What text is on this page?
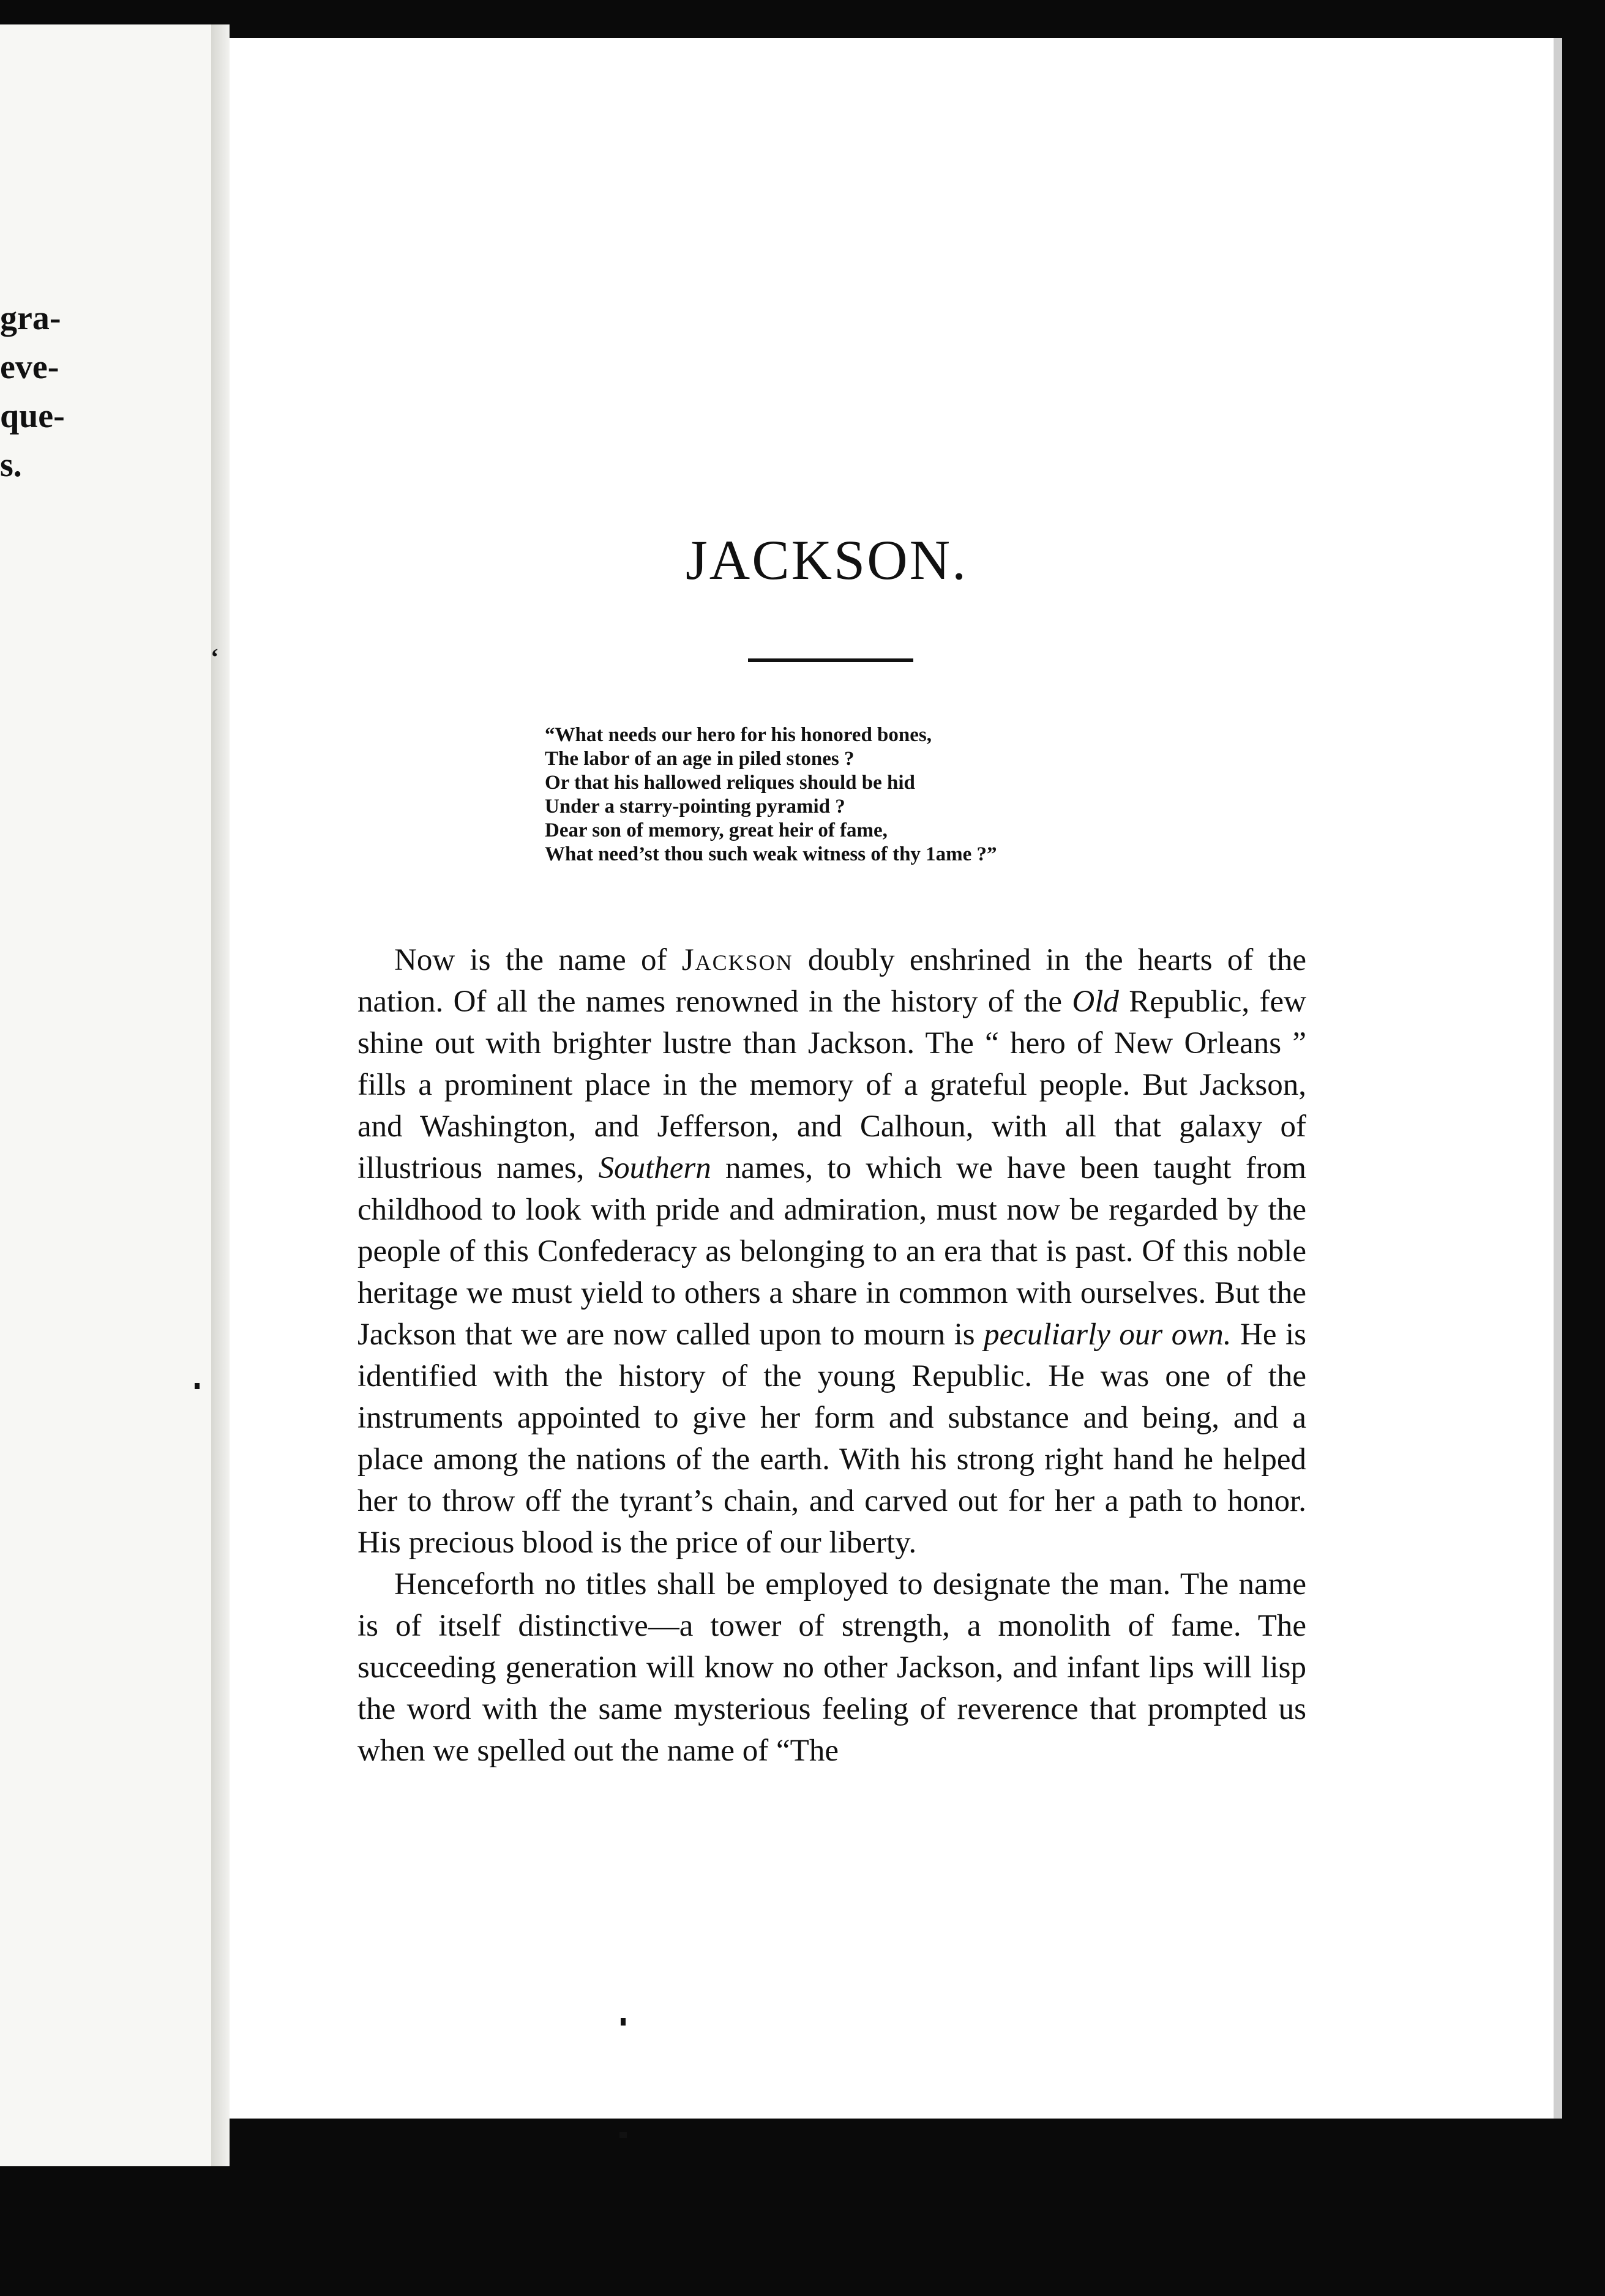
gra-

eve-

que-

s.

JACKSON.
“What needs our hero for his honored bones,
The labor of an age in piled stones ?
Or that his hallowed reliques should be hid
Under a starry-pointing pyramid ?
Dear son of memory, great heir of fame,
What need’st thou such weak witness of thy 1ame ?”

Now is the name of Jackson doubly enshrined in the hearts of the nation. Of all the names renowned in the history of the Old Republic, few shine out with brighter lustre than Jackson. The “ hero of New Orleans ” fills a prominent place in the memory of a grateful people. But Jackson, and Washington, and Jefferson, and Calhoun, with all that galaxy of illustrious names, Southern names, to which we have been taught from childhood to look with pride and admiration, must now be regarded by the people of this Confederacy as belonging to an era that is past. Of this noble heritage we must yield to others a share in common with ourselves. But the Jackson that we are now called upon to mourn is peculiarly our own. He is identified with the history of the young Republic. He was one of the instruments appointed to give her form and substance and being, and a place among the nations of the earth. With his strong right hand he helped her to throw off the tyrant’s chain, and carved out for her a path to honor. His precious blood is the price of our liberty.

Henceforth no titles shall be employed to designate the man. The name is of itself distinctive—a tower of strength, a monolith of fame. The succeeding generation will know no other Jackson, and infant lips will lisp the word with the same mysterious feeling of reverence that prompted us when we spelled out the name of “The

‘
